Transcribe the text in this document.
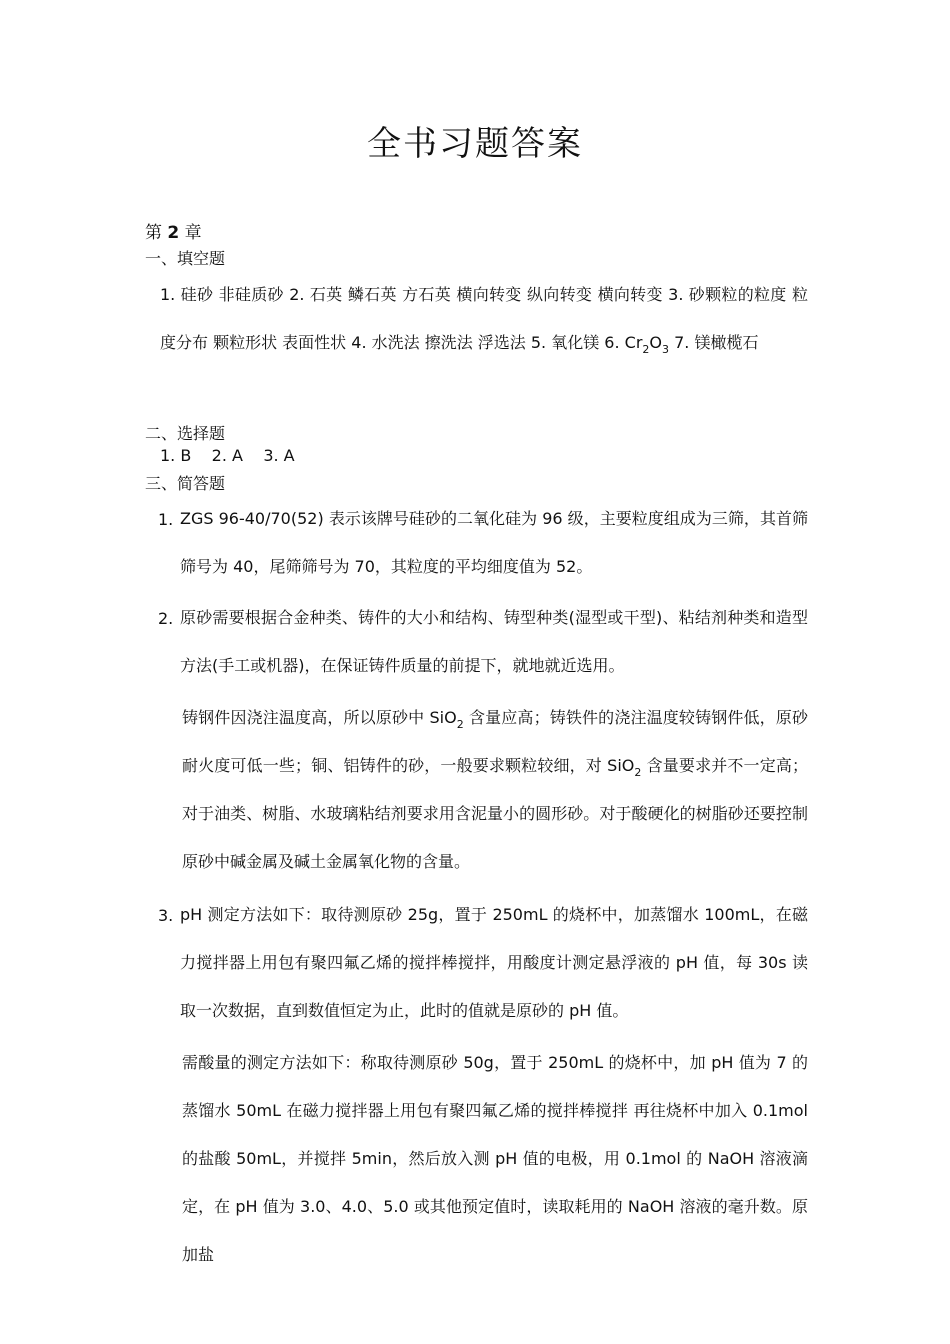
全书习题答案
第 2 章
一、填空题
1. 硅砂 非硅质砂 2. 石英 鳞石英 方石英 横向转变 纵向转变 横向转变 3. 砂颗粒的粒度 粒度分布 颗粒形状 表面性状 4. 水洗法 擦洗法 浮选法 5. 氧化镁 6. $Cr_2O_3$ 7. 镁橄榄石
二、选择题
1. B    2. A    3. A
三、简答题
1. ZGS 96-40/70(52) 表示该牌号硅砂的二氧化硅为 96 级，主要粒度组成为三筛，其首筛筛号为 40，尾筛筛号为 70，其粒度的平均细度值为 52。
2. 原砂需要根据合金种类、铸件的大小和结构、铸型种类(湿型或干型)、粘结剂种类和造型方法(手工或机器)，在保证铸件质量的前提下，就地就近选用。
铸钢件因浇注温度高，所以原砂中 SiO$_2$ 含量应高；铸铁件的浇注温度较铸钢件低，原砂耐火度可低一些；铜、铝铸件的砂，一般要求颗粒较细，对 SiO$_2$ 含量要求并不一定高；对于油类、树脂、水玻璃粘结剂要求用含泥量小的圆形砂。对于酸硬化的树脂砂还要控制原砂中碱金属及碱土金属氧化物的含量。
3. pH 测定方法如下：取待测原砂 25g，置于 250mL 的烧杯中，加蒸馏水 100mL，在磁力搅拌器上用包有聚四氟乙烯的搅拌棒搅拌，用酸度计测定悬浮液的 pH 值，每 30s 读取一次数据，直到数值恒定为止，此时的值就是原砂的 pH 值。
需酸量的测定方法如下：称取待测原砂 50g，置于 250mL 的烧杯中，加 pH 值为 7 的蒸馏水 50mL 在磁力搅拌器上用包有聚四氟乙烯的搅拌棒搅拌 再往烧杯中加入 0.1mol 的盐酸 50mL，并搅拌 5min，然后放入测 pH 值的电极，用 0.1mol 的 NaOH 溶液滴定，在 pH 值为 3.0、4.0、5.0 或其他预定值时，读取耗用的 NaOH 溶液的毫升数。原加盐
